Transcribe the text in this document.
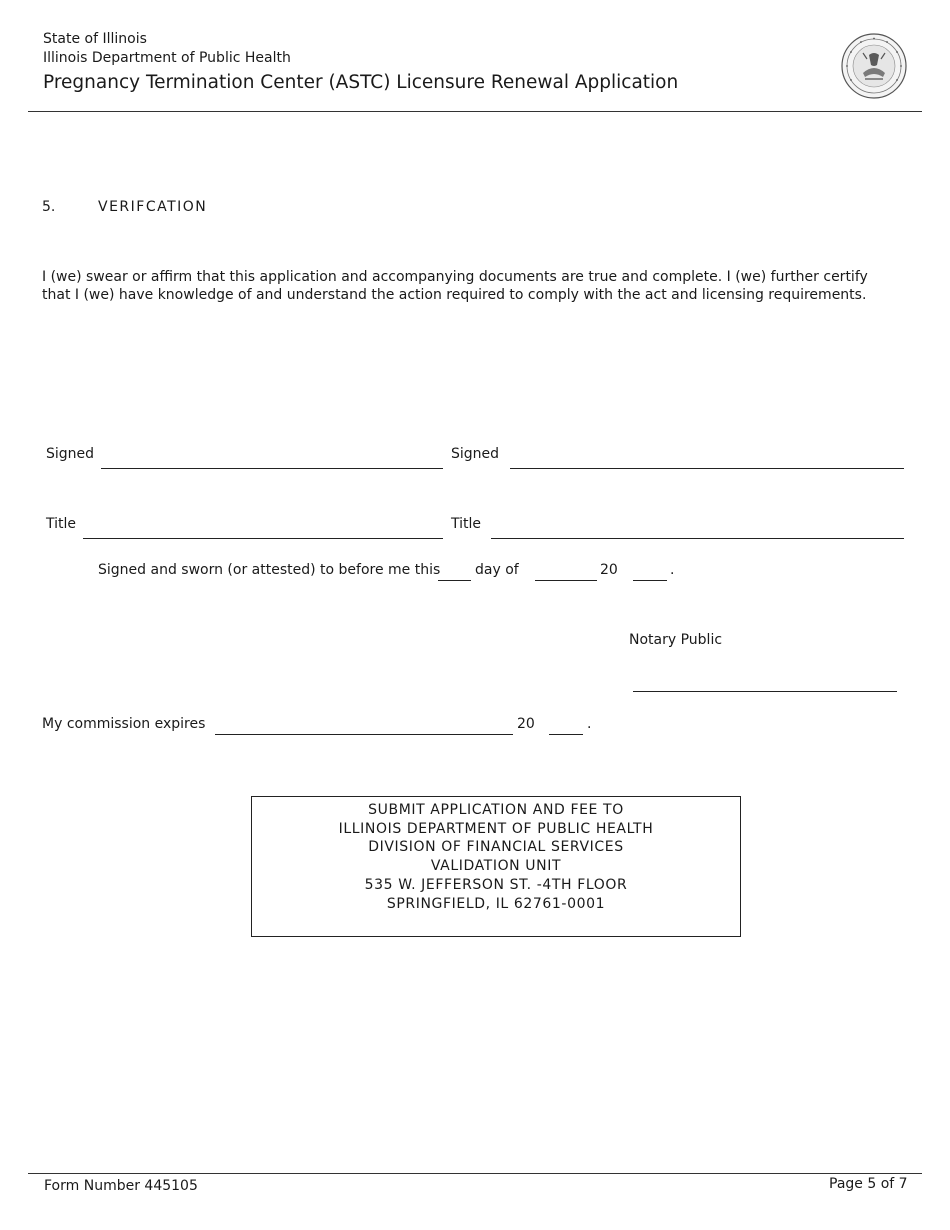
State of Illinois
Illinois Department of Public Health
Pregnancy Termination Center (ASTC) Licensure Renewal Application
5.	VERIFCATION
I (we) swear or affirm that this application and accompanying documents are true and complete. I (we) further certify that I (we) have knowledge of and understand the action required to comply with the act and licensing requirements.
Signed	Signed
Title	Title
Signed and sworn (or attested) to before me this day of	20	.
Notary Public
My commission expires	20	.
SUBMIT APPLICATION AND FEE TO
ILLINOIS DEPARTMENT OF PUBLIC HEALTH
DIVISION OF FINANCIAL SERVICES
VALIDATION UNIT
535 W. JEFFERSON ST. -4TH FLOOR
SPRINGFIELD, IL 62761-0001
Form Number 445105	Page 5 of 7
